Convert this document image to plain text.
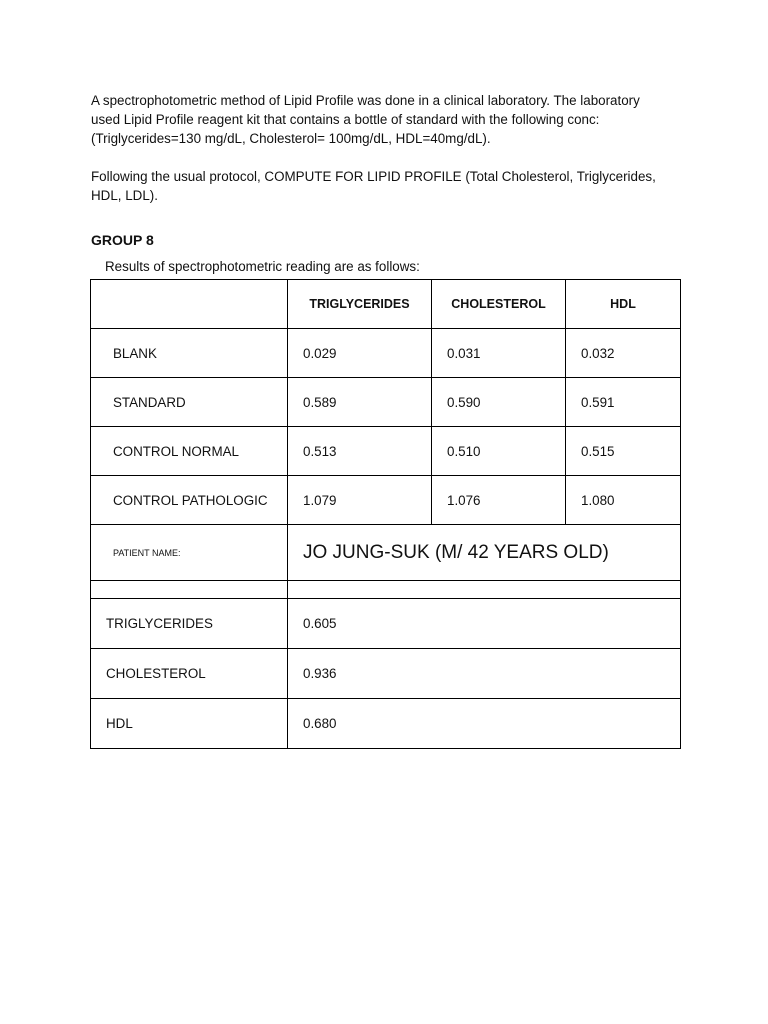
A spectrophotometric method of Lipid Profile was done in a clinical laboratory. The laboratory
used Lipid Profile reagent kit that contains a bottle of standard with the following conc:
(Triglycerides=130 mg/dL, Cholesterol= 100mg/dL, HDL=40mg/dL).

Following the usual protocol, COMPUTE FOR LIPID PROFILE (Total Cholesterol, Triglycerides,
HDL, LDL).

GROUP 8

Results of spectrophotometric reading are as follows:

	TRIGLYCERIDES	CHOLESTEROL	HDL
BLANK	0.029	0.031	0.032
STANDARD	0.589	0.590	0.591
CONTROL NORMAL	0.513	0.510	0.515
CONTROL PATHOLOGIC	1.079	1.076	1.080
PATIENT NAME:	JO JUNG-SUK (M/ 42 YEARS OLD)		

TRIGLYCERIDES	0.605		
CHOLESTEROL	0.936		
HDL	0.680		
